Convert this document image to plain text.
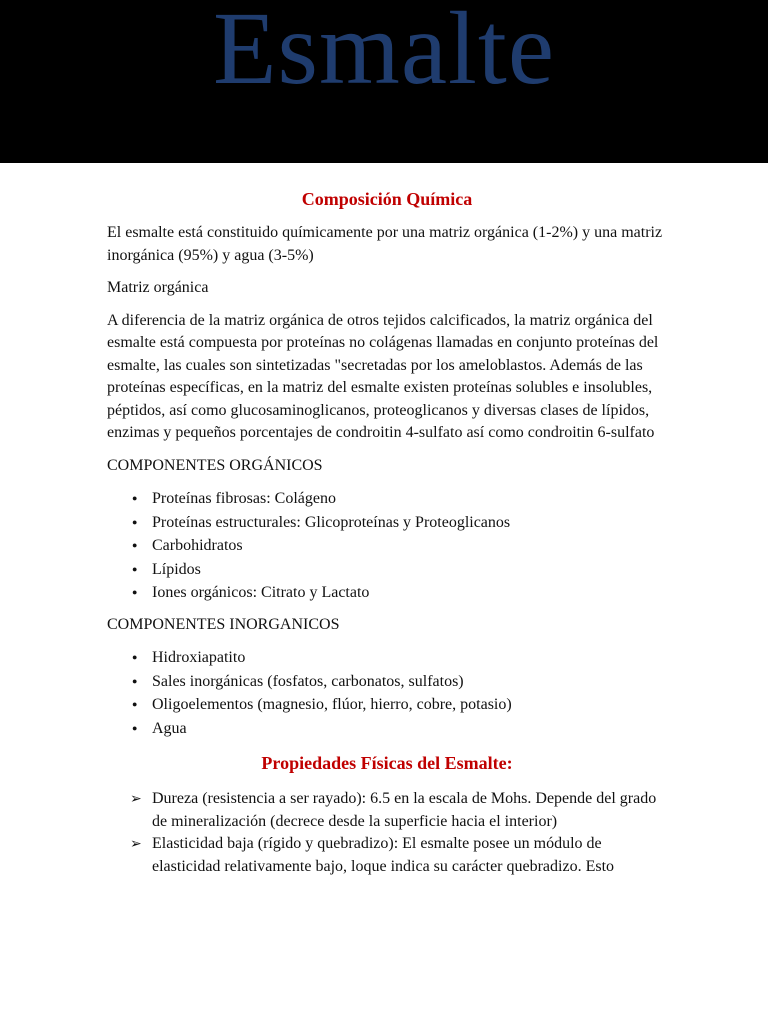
Esmalte
Composición Química

El esmalte está constituido químicamente por una matriz orgánica (1-2%) y una matriz inorgánica (95%) y agua (3-5%)

Matriz orgánica

A diferencia de la matriz orgánica de otros tejidos calcificados, la matriz orgánica del esmalte está compuesta por proteínas no colágenas llamadas en conjunto proteínas del esmalte, las cuales son sintetizadas "secretadas por los ameloblastos. Además de las proteínas específicas, en la matriz del esmalte existen proteínas solubles e insolubles, péptidos, así como glucosaminoglicanos, proteoglicanos y diversas clases de lípidos, enzimas y pequeños porcentajes de condroitin 4-sulfato así como condroitin 6-sulfato

COMPONENTES ORGÁNICOS

● Proteínas fibrosas: Colágeno
● Proteínas estructurales: Glicoproteínas y Proteoglicanos
● Carbohidratos
● Lípidos
● Iones orgánicos: Citrato y Lactato

COMPONENTES INORGANICOS

● Hidroxiapatito
● Sales inorgánicas (fosfatos, carbonatos, sulfatos)
● Oligoelementos (magnesio, flúor, hierro, cobre, potasio)
● Agua
Propiedades Físicas del Esmalte:
➢ Dureza (resistencia a ser rayado): 6.5 en la escala de Mohs. Depende del grado de mineralización (decrece desde la superficie hacia el interior)
➢ Elasticidad baja (rígido y quebradizo): El esmalte posee un módulo de elasticidad relativamente bajo, loque indica su carácter quebradizo. Esto
